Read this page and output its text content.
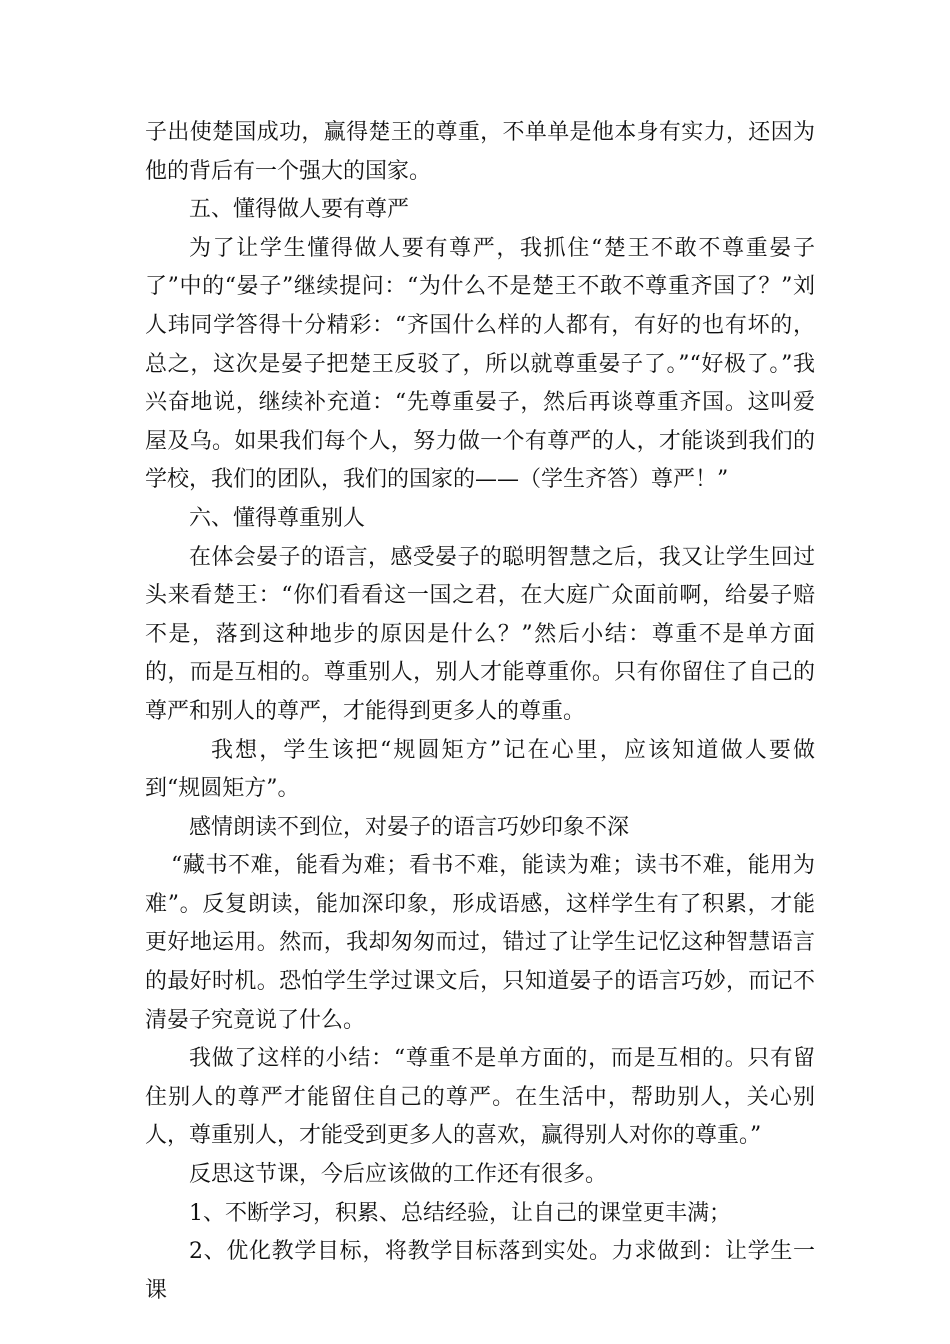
子出使楚国成功，赢得楚王的尊重，不单单是他本身有实力，还因为他的背后有一个强大的国家。

五、懂得做人要有尊严

为了让学生懂得做人要有尊严，我抓住“楚王不敢不尊重晏子了”中的“晏子”继续提问：“为什么不是楚王不敢不尊重齐国了？”刘人玮同学答得十分精彩：“齐国什么样的人都有，有好的也有坏的，总之，这次是晏子把楚王反驳了，所以就尊重晏子了。”“好极了。”我兴奋地说，继续补充道：“先尊重晏子，然后再谈尊重齐国。这叫爱屋及乌。如果我们每个人，努力做一个有尊严的人，才能谈到我们的学校，我们的团队，我们的国家的——（学生齐答）尊严！”

六、懂得尊重别人

在体会晏子的语言，感受晏子的聪明智慧之后，我又让学生回过头来看楚王：“你们看看这一国之君，在大庭广众面前啊，给晏子赔不是，落到这种地步的原因是什么？”然后小结：尊重不是单方面的，而是互相的。尊重别人，别人才能尊重你。只有你留住了自己的尊严和别人的尊严，才能得到更多人的尊重。

我想，学生该把“规圆矩方”记在心里，应该知道做人要做到“规圆矩方”。

感情朗读不到位，对晏子的语言巧妙印象不深

“藏书不难，能看为难；看书不难，能读为难；读书不难，能用为难”。反复朗读，能加深印象，形成语感，这样学生有了积累，才能更好地运用。然而，我却匆匆而过，错过了让学生记忆这种智慧语言的最好时机。恐怕学生学过课文后，只知道晏子的语言巧妙，而记不清晏子究竟说了什么。

我做了这样的小结：“尊重不是单方面的，而是互相的。只有留住别人的尊严才能留住自己的尊严。在生活中，帮助别人，关心别人，尊重别人，才能受到更多人的喜欢，赢得别人对你的尊重。”

反思这节课，今后应该做的工作还有很多。

1、不断学习，积累、总结经验，让自己的课堂更丰满；

2、优化教学目标，将教学目标落到实处。力求做到：让学生一课
